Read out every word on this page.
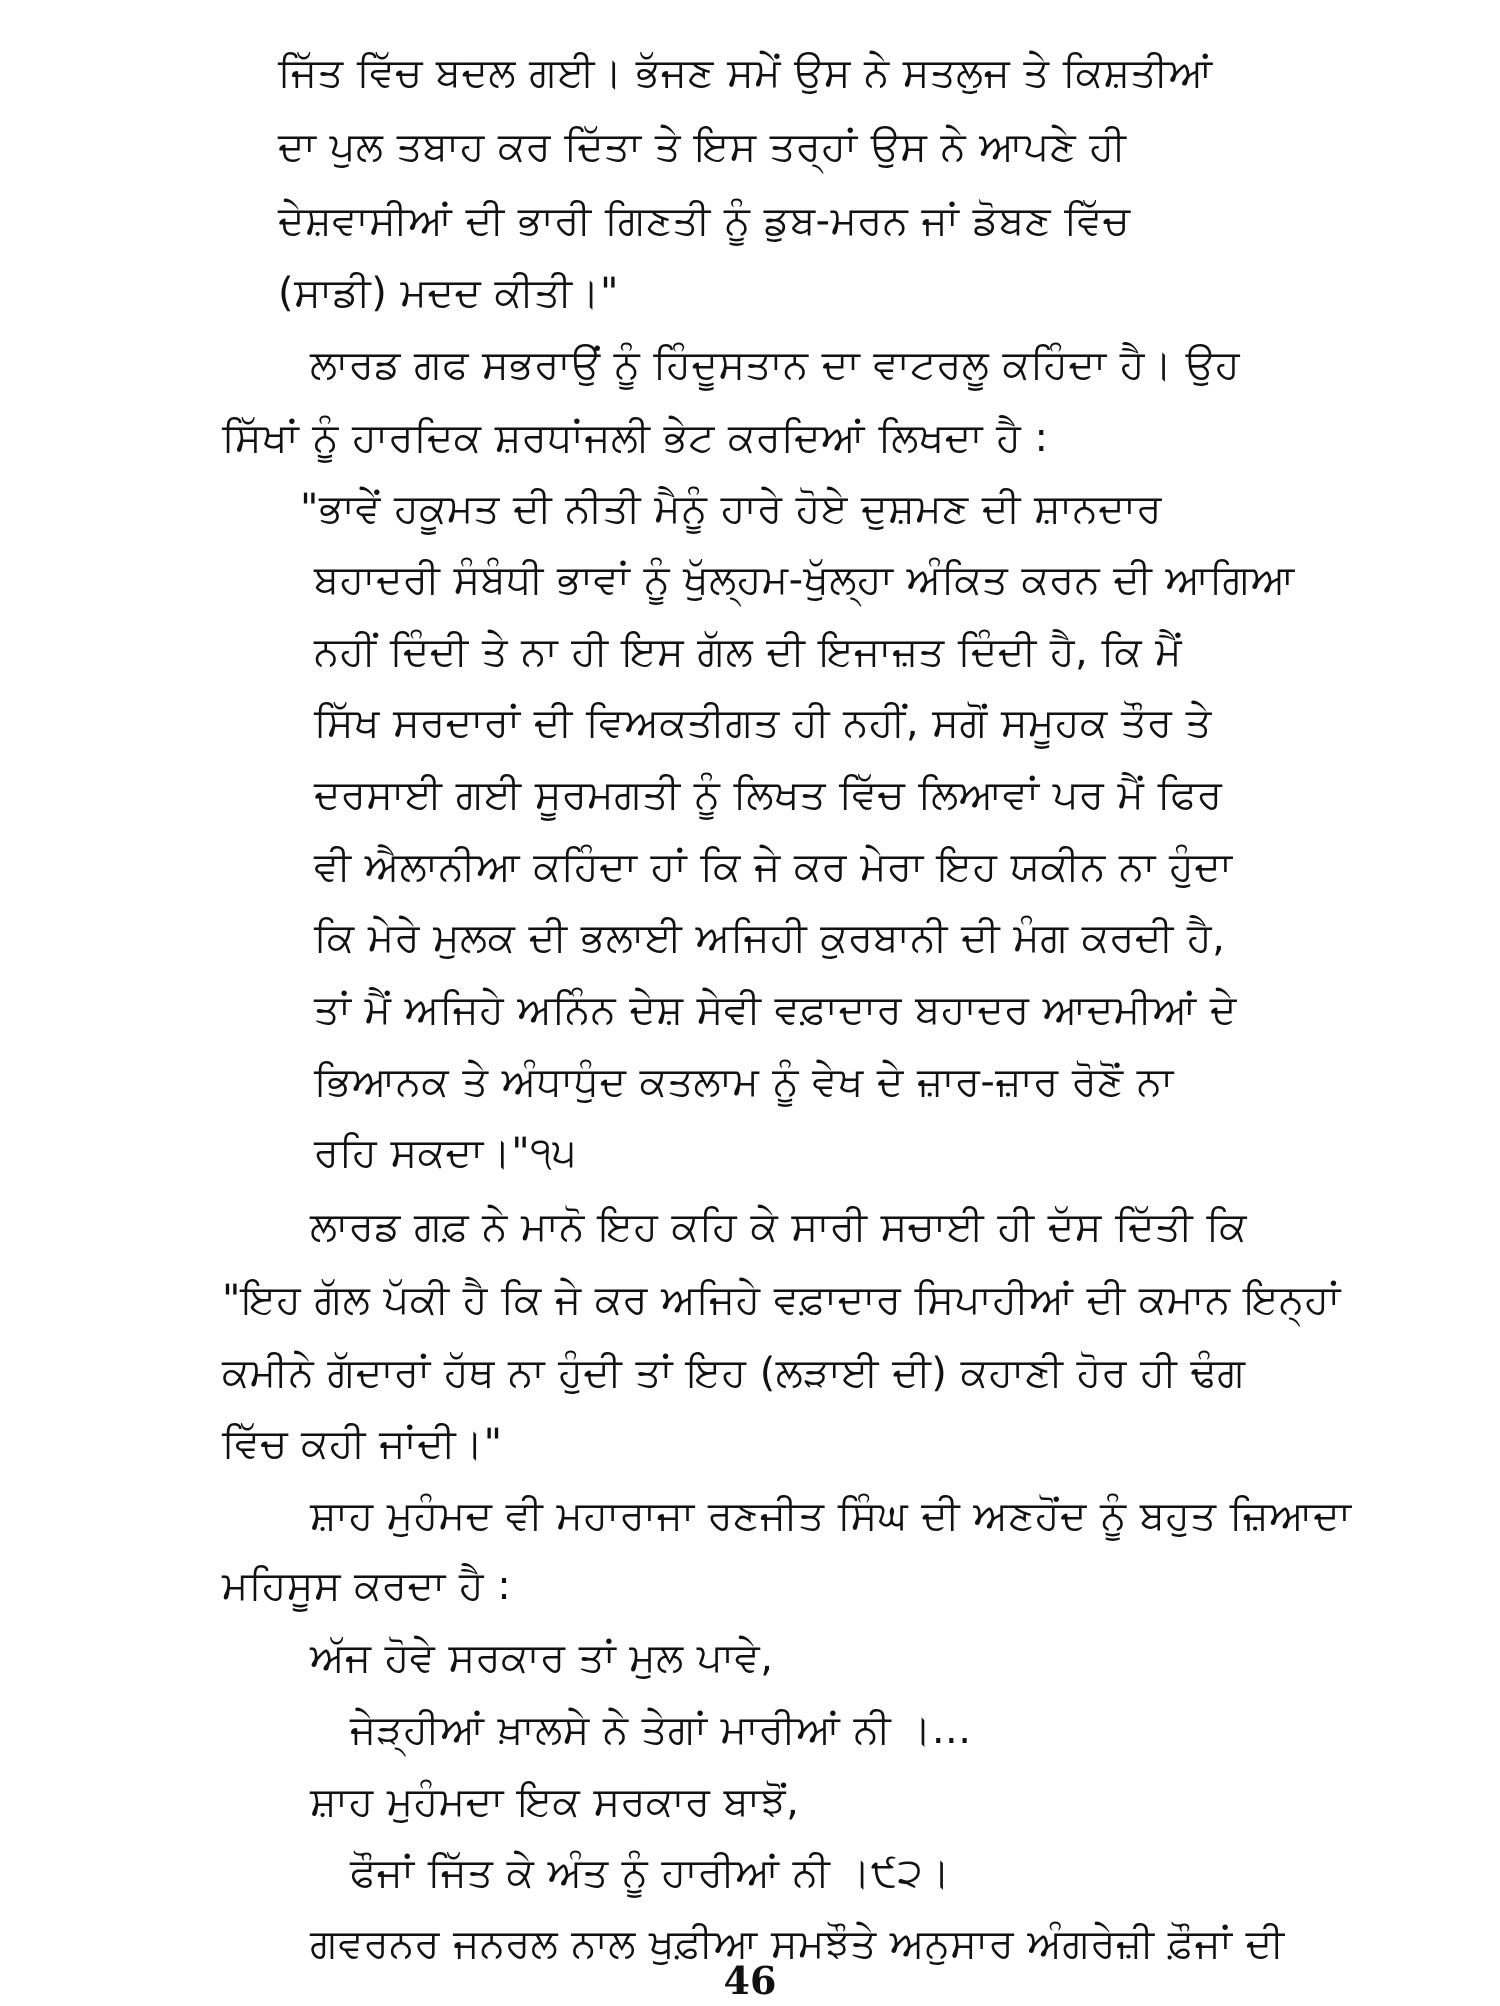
ਜਿੱਤ ਵਿੱਚ ਬਦਲ ਗਈ। ਭੱਜਣ ਸਮੇਂ ਉਸ ਨੇ ਸਤਲੁਜ ਤੇ ਕਿਸ਼ਤੀਆਂ
ਦਾ ਪੁਲ ਤਬਾਹ ਕਰ ਦਿੱਤਾ ਤੇ ਇਸ ਤਰ੍ਹਾਂ ਉਸ ਨੇ ਆਪਣੇ ਹੀ
ਦੇਸ਼ਵਾਸੀਆਂ ਦੀ ਭਾਰੀ ਗਿਣਤੀ ਨੂੰ ਡੁਬ-ਮਰਨ ਜਾਂ ਡੋਬਣ ਵਿੱਚ
(ਸਾਡੀ) ਮਦਦ ਕੀਤੀ।"
ਲਾਰਡ ਗਫ ਸਭਰਾਉਂ ਨੂੰ ਹਿੰਦੂਸਤਾਨ ਦਾ ਵਾਟਰਲੂ ਕਹਿੰਦਾ ਹੈ। ਉਹ
ਸਿੱਖਾਂ ਨੂੰ ਹਾਰਦਿਕ ਸ਼ਰਧਾਂਜਲੀ ਭੇਟ ਕਰਦਿਆਂ ਲਿਖਦਾ ਹੈ :
"ਭਾਵੇਂ ਹਕੂਮਤ ਦੀ ਨੀਤੀ ਮੈਨੂੰ ਹਾਰੇ ਹੋਏ ਦੁਸ਼ਮਣ ਦੀ ਸ਼ਾਨਦਾਰ
ਬਹਾਦਰੀ ਸੰਬੰਧੀ ਭਾਵਾਂ ਨੂੰ ਖੁੱਲ੍ਹਮ-ਖੁੱਲ੍ਹਾ ਅੰਕਿਤ ਕਰਨ ਦੀ ਆਗਿਆ
ਨਹੀਂ ਦਿੰਦੀ ਤੇ ਨਾ ਹੀ ਇਸ ਗੱਲ ਦੀ ਇਜਾਜ਼ਤ ਦਿੰਦੀ ਹੈ, ਕਿ ਮੈਂ
ਸਿੱਖ ਸਰਦਾਰਾਂ ਦੀ ਵਿਅਕਤੀਗਤ ਹੀ ਨਹੀਂ, ਸਗੋਂ ਸਮੂਹਕ ਤੌਰ ਤੇ
ਦਰਸਾਈ ਗਈ ਸੂਰਮਗਤੀ ਨੂੰ ਲਿਖਤ ਵਿੱਚ ਲਿਆਵਾਂ ਪਰ ਮੈਂ ਫਿਰ
ਵੀ ਐਲਾਨੀਆ ਕਹਿੰਦਾ ਹਾਂ ਕਿ ਜੇ ਕਰ ਮੇਰਾ ਇਹ ਯਕੀਨ ਨਾ ਹੁੰਦਾ
ਕਿ ਮੇਰੇ ਮੁਲਕ ਦੀ ਭਲਾਈ ਅਜਿਹੀ ਕੁਰਬਾਨੀ ਦੀ ਮੰਗ ਕਰਦੀ ਹੈ,
ਤਾਂ ਮੈਂ ਅਜਿਹੇ ਅਨਿੰਨ ਦੇਸ਼ ਸੇਵੀ ਵਫ਼ਾਦਾਰ ਬਹਾਦਰ ਆਦਮੀਆਂ ਦੇ
ਭਿਆਨਕ ਤੇ ਅੰਧਾਧੁੰਦ ਕਤਲਾਮ ਨੂੰ ਵੇਖ ਦੇ ਜ਼ਾਰ-ਜ਼ਾਰ ਰੋਣੋਂ ਨਾ
ਰਹਿ ਸਕਦਾ।"੧੫
ਲਾਰਡ ਗਫ਼ ਨੇ ਮਾਨੋ ਇਹ ਕਹਿ ਕੇ ਸਾਰੀ ਸਚਾਈ ਹੀ ਦੱਸ ਦਿੱਤੀ ਕਿ
"ਇਹ ਗੱਲ ਪੱਕੀ ਹੈ ਕਿ ਜੇ ਕਰ ਅਜਿਹੇ ਵਫ਼ਾਦਾਰ ਸਿਪਾਹੀਆਂ ਦੀ ਕਮਾਨ ਇਨ੍ਹਾਂ
ਕਮੀਨੇ ਗੱਦਾਰਾਂ ਹੱਥ ਨਾ ਹੁੰਦੀ ਤਾਂ ਇਹ (ਲੜਾਈ ਦੀ) ਕਹਾਣੀ ਹੋਰ ਹੀ ਢੰਗ
ਵਿੱਚ ਕਹੀ ਜਾਂਦੀ।"
ਸ਼ਾਹ ਮੁਹੰਮਦ ਵੀ ਮਹਾਰਾਜਾ ਰਣਜੀਤ ਸਿੰਘ ਦੀ ਅਣਹੋਂਦ ਨੂੰ ਬਹੁਤ ਜ਼ਿਆਦਾ
ਮਹਿਸੂਸ ਕਰਦਾ ਹੈ :
ਅੱਜ ਹੋਵੇ ਸਰਕਾਰ ਤਾਂ ਮੁਲ ਪਾਵੇ,
ਜੇੜ੍ਹੀਆਂ ਖ਼ਾਲਸੇ ਨੇ ਤੇਗਾਂ ਮਾਰੀਆਂ ਨੀ ।...
ਸ਼ਾਹ ਮੁਹੰਮਦਾ ਇਕ ਸਰਕਾਰ ਬਾਝੋਂ,
ਫੌਜਾਂ ਜਿੱਤ ਕੇ ਅੰਤ ਨੂੰ ਹਾਰੀਆਂ ਨੀ ।੯੨।
ਗਵਰਨਰ ਜਨਰਲ ਨਾਲ ਖੁਫ਼ੀਆ ਸਮਝੌਤੇ ਅਨੁਸਾਰ ਅੰਗਰੇਜ਼ੀ ਫ਼ੌਜਾਂ ਦੀ
46
